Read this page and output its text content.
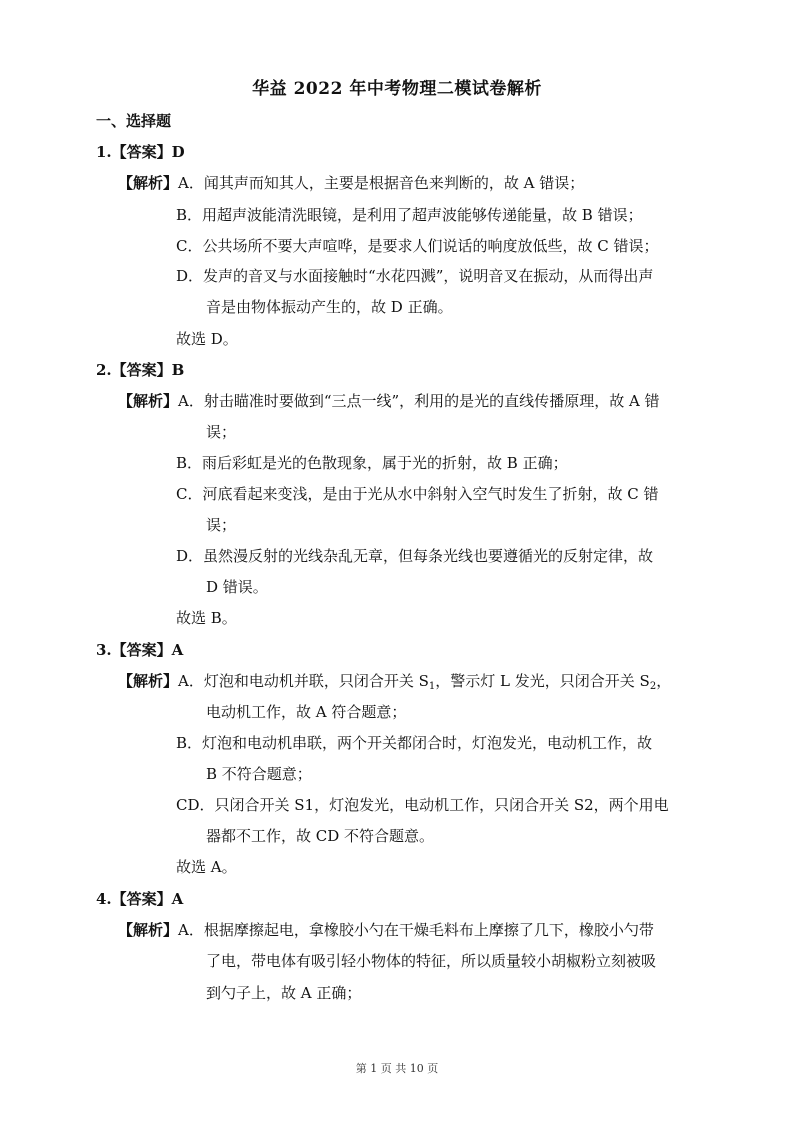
华益 2022 年中考物理二模试卷解析
一、选择题
1.【答案】D
【解析】A．闻其声而知其人，主要是根据音色来判断的，故 A 错误；
B．用超声波能清洗眼镜，是利用了超声波能够传递能量，故 B 错误；
C．公共场所不要大声喧哗，是要求人们说话的响度放低些，故 C 错误；
D．发声的音叉与水面接触时“水花四溅”，说明音叉在振动，从而得出声
音是由物体振动产生的，故 D 正确。
故选 D。
2.【答案】B
【解析】A．射击瞄准时要做到“三点一线”，利用的是光的直线传播原理，故 A 错
误；
B．雨后彩虹是光的色散现象，属于光的折射，故 B 正确；
C．河底看起来变浅，是由于光从水中斜射入空气时发生了折射，故 C 错
误；
D．虽然漫反射的光线杂乱无章，但每条光线也要遵循光的反射定律，故
D 错误。
故选 B。
3.【答案】A
【解析】A．灯泡和电动机并联，只闭合开关 $S_1$，警示灯 L 发光，只闭合开关 $S_2$，
电动机工作，故 A 符合题意；
B．灯泡和电动机串联，两个开关都闭合时，灯泡发光，电动机工作，故
B 不符合题意；
CD．只闭合开关 S1，灯泡发光，电动机工作，只闭合开关 S2，两个用电
器都不工作，故 CD 不符合题意。
故选 A。
4.【答案】A
【解析】A．根据摩擦起电，拿橡胶小勺在干燥毛料布上摩擦了几下，橡胶小勺带
了电，带电体有吸引轻小物体的特征，所以质量较小胡椒粉立刻被吸
到勺子上，故 A 正确；
第 1 页 共 10 页
